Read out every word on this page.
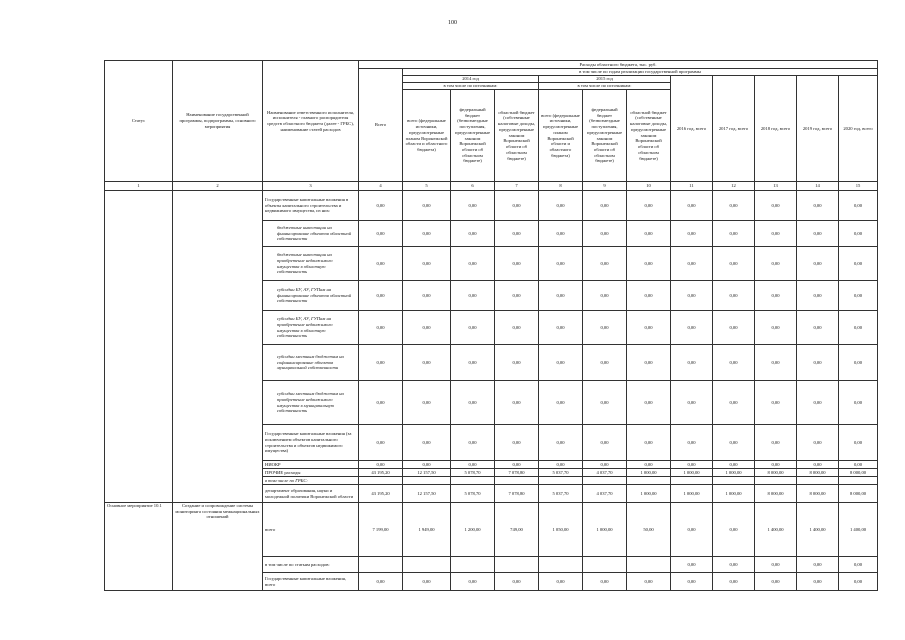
100
Статус	Наименование государственной программы, подпрограммы, основного мероприятия	Наименование ответственного исполнителя, исполнителя - главного распорядителя средств областного бюджета (далее - ГРБС), наименование статей расходов	Расходы областного бюджета, тыс. руб.											
			Всего	в том числе по годам реализации государственной программы										
				2014 год			2015 год			2016 год, всего	2017 год, всего	2018 год, всего	2019 год, всего	2020 год, всего
				в том числе по источникам:			в том числе по источникам:							
				всего (федеральные источники, предусмотренные планом Воронежской области и областного бюджета)	федеральный бюджет (безвозмездные поступления, предусмотренные законом Воронежской области об областном бюджете)	областной бюджет (собственные налоговые доходы, предусмотренные законом Воронежской области об областном бюджете)	всего (федеральные источники, предусмотренные планом Воронежской области и областного бюджета)	федеральный бюджет (безвозмездные поступления, предусмотренные законом Воронежской области об областном бюджете)	областной бюджет (собственные налоговые доходы, предусмотренные законом Воронежской области об областном бюджете)					
1	2	3	4	5	6	7	8	9	10	11	12	13	14	15
		Государственные капитальные вложения в объекты капитального строительства и недвижимого имущества, из них:	0,00	0,00	0,00	0,00	0,00	0,00	0,00	0,00	0,00	0,00	0,00	0,00
		бюджетные инвестиции на финансирование объектов областной собственности	0,00	0,00	0,00	0,00	0,00	0,00	0,00	0,00	0,00	0,00	0,00	0,00
		бюджетные инвестиции на приобретение недвижимого имущества в областную собственность	0,00	0,00	0,00	0,00	0,00	0,00	0,00	0,00	0,00	0,00	0,00	0,00
		субсидии БУ, АУ, ГУПам на финансирование объектов областной собственности	0,00	0,00	0,00	0,00	0,00	0,00	0,00	0,00	0,00	0,00	0,00	0,00
		субсидии БУ, АУ, ГУПам на приобретение недвижимого имущества в областную собственность	0,00	0,00	0,00	0,00	0,00	0,00	0,00	0,00	0,00	0,00	0,00	0,00
		субсидии местным бюджетам на софинансирование объектов муниципальной собственности	0,00	0,00	0,00	0,00	0,00	0,00	0,00	0,00	0,00	0,00	0,00	0,00
		субсидии местным бюджетам на приобретение недвижимого имущества в муниципальную собственность	0,00	0,00	0,00	0,00	0,00	0,00	0,00	0,00	0,00	0,00	0,00	0,00
		Государственные капитальные вложения (за исключением объектов капитального строительства и объектов недвижимого имущества)	0,00	0,00	0,00	0,00	0,00	0,00	0,00	0,00	0,00	0,00	0,00	0,00
		НИОКР	0,00	0,00	0,00	0,00	0,00	0,00	0,00	0,00	0,00	0,00	0,00	0,00
		ПРОЧИЕ расходы	43 195,20	12 157,50	5 078,70	7 078,80	5 037,70	4 037,70	1 000,00	1 000,00	1 000,00	8 000,00	8 000,00	8 000,00
		в том числе по ГРБС:												
		департамент образования, науки и молодежной политики Воронежской области	43 195,20	12 157,50	5 078,70	7 078,80	5 037,70	4 037,70	1 000,00	1 000,00	1 000,00	8 000,00	8 000,00	8 000,00
Основное мероприятие 10.1	Создание и сопровождение системы мониторинга состояния межнациональных отношений	всего	7 199,00	1 949,00	1 200,00	749,00	1 050,00	1 000,00	50,00	0,00	0,00	1 400,00	1 400,00	1 400,00
		в том числе по статьям расходов:								0,00	0,00	0,00	0,00	0,00
		Государственные капитальные вложения, всего	0,00	0,00	0,00	0,00	0,00	0,00	0,00	0,00	0,00	0,00	0,00	0,00
